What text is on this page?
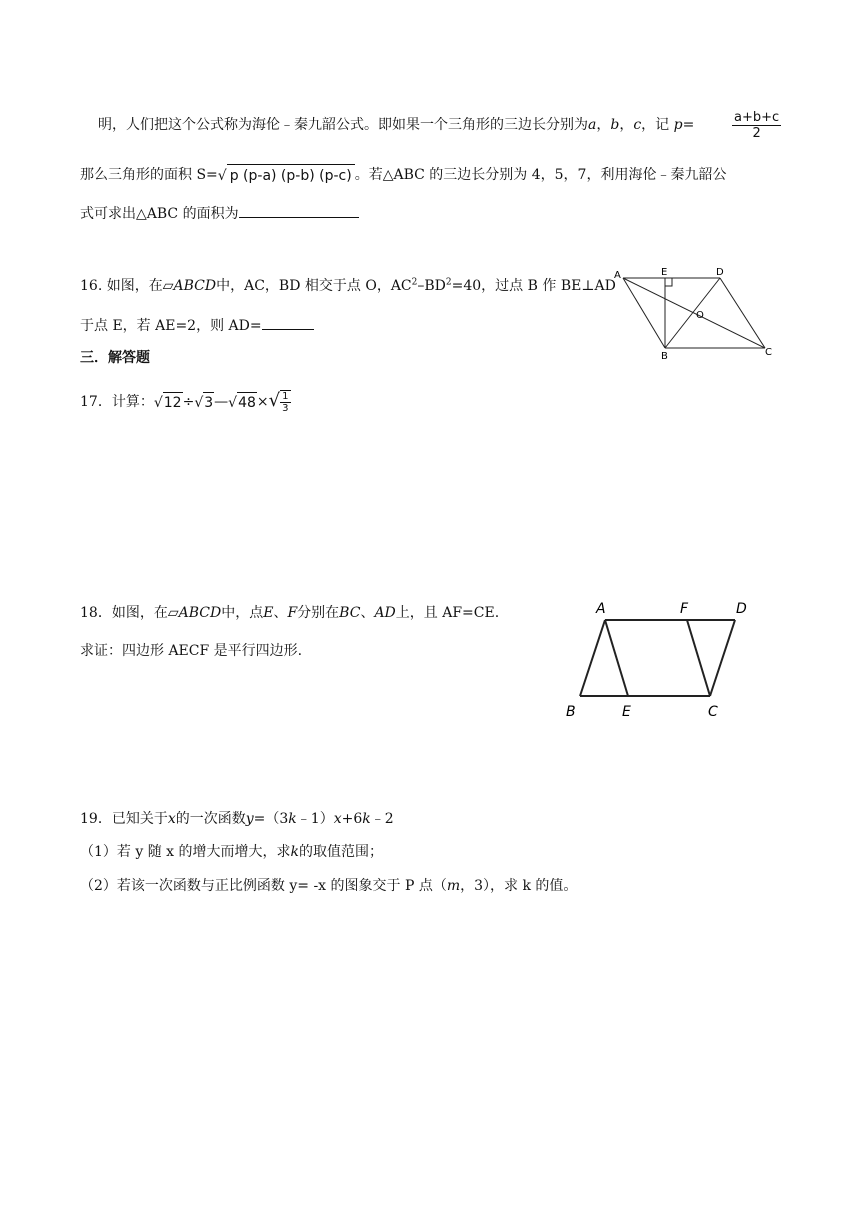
明，人们把这个公式称为海伦﹣秦九韶公式。即如果一个三角形的三边长分别为a，b，c，记 p=	$\frac{a+b+c}{2}$
那么三角形的面积 S=√ p (p-a) (p-b) (p-c) 。若△ABC 的三边长分别为 4，5，7，利用海伦﹣秦九韶公
式可求出△ABC 的面积为
16. 如图，在▱ABCD中，AC，BD 相交于点 O，$AC^2-BD^2=40$，过点 B 作 BE⊥AD
于点 E，若 AE=2，则 AD=
A	E	D
O
B	C
三．解答题
17．计算：√12÷√3—√48×√ $\frac{1}{3}$
18．如图，在▱ABCD中，点E、F分别在BC、AD上，且 AF=CE.
求证：四边形 AECF 是平行四边形.
A	F	D
B	E	C
19．已知关于x的一次函数y=（3k﹣1）x+6k﹣2
（1）若 y 随 x 的增大而增大，求k的取值范围；
（2）若该一次函数与正比例函数 y= -x 的图象交于 P 点（m，3），求 k 的值。
